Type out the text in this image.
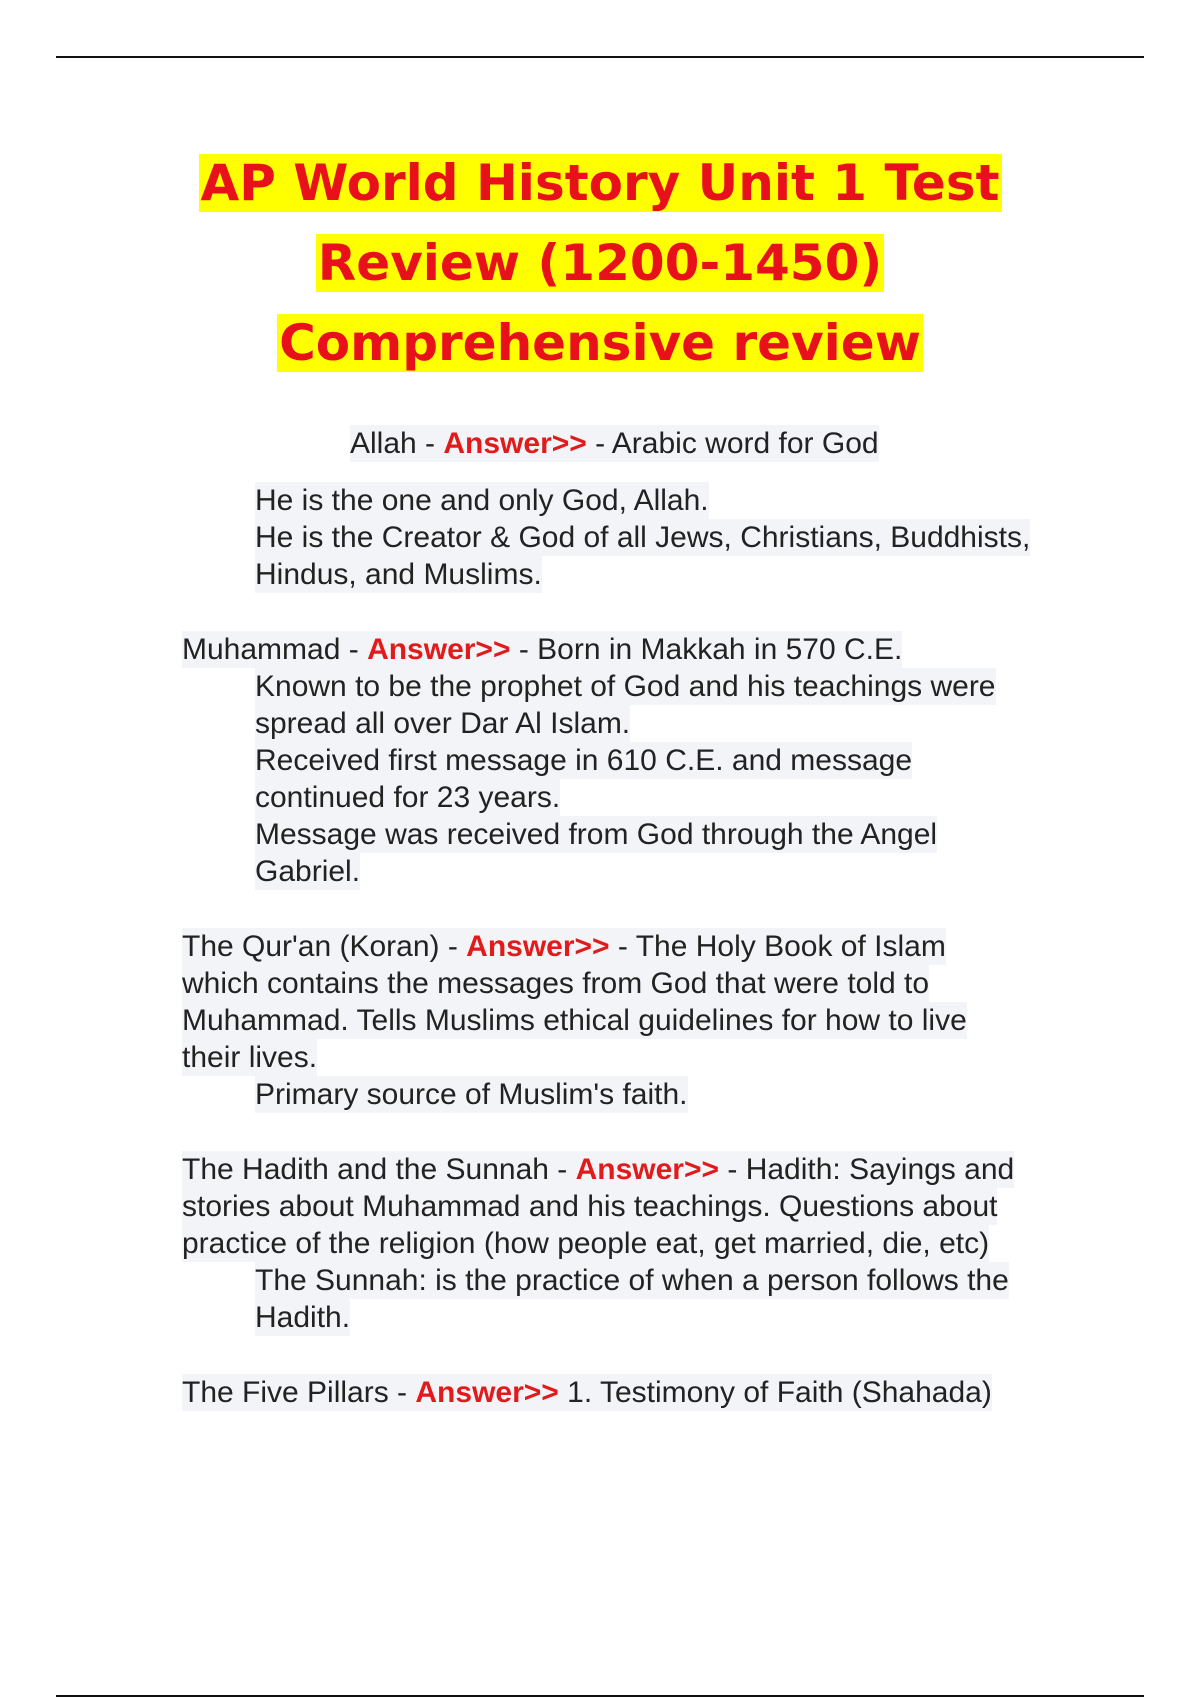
AP World History Unit 1 Test
Review (1200-1450)
Comprehensive review
Allah - Answer>> - Arabic word for God
He is the one and only God, Allah.
He is the Creator & God of all Jews, Christians, Buddhists,
Hindus, and Muslims.
Muhammad - Answer>> - Born in Makkah in 570 C.E.
Known to be the prophet of God and his teachings were
spread all over Dar Al Islam.
Received first message in 610 C.E. and message
continued for 23 years.
Message was received from God through the Angel
Gabriel.
The Qur'an (Koran) - Answer>> - The Holy Book of Islam
which contains the messages from God that were told to
Muhammad. Tells Muslims ethical guidelines for how to live
their lives.
Primary source of Muslim's faith.
The Hadith and the Sunnah - Answer>> - Hadith: Sayings and
stories about Muhammad and his teachings. Questions about
practice of the religion (how people eat, get married, die, etc)
The Sunnah: is the practice of when a person follows the
Hadith.
The Five Pillars - Answer>> 1. Testimony of Faith (Shahada)
